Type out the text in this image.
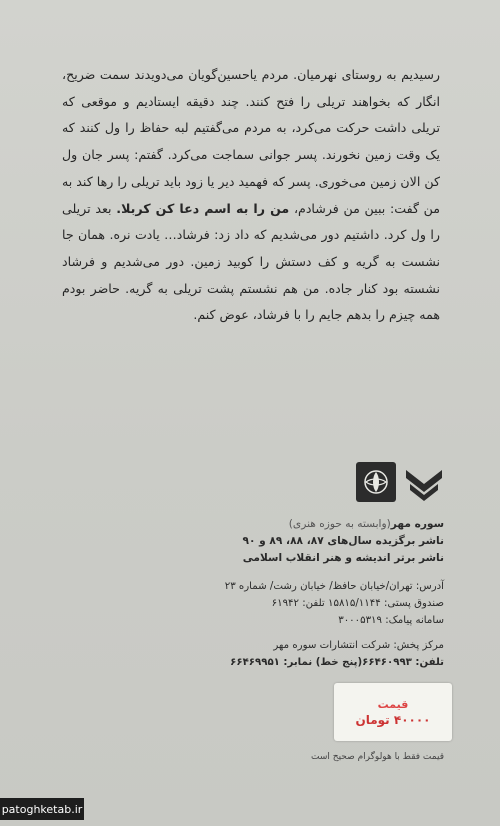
رسیدیم به روستای نهرمیان. مردم یاحسین‌گویان می‌دویدند سمت ضریح، انگار که بخواهند تریلی را فتح کنند. چند دقیقه ایستادیم و موقعی که تریلی داشت حرکت می‌کرد، به مردم می‌گفتیم لبه حفاظ را ول کنند که یک وقت زمین نخورند. پسر جوانی سماجت می‌کرد. گفتم: پسر جان ول کن الان زمین می‌خوری. پسر که فهمید دیر یا زود باید تریلی را رها کند به من گفت: ببین من فرشادم، من را به اسم دعا کن کربلا. بعد تریلی را ول کرد. داشتیم دور می‌شدیم که داد زد: فرشاد… یادت نره. همان جا نشست به گریه و کف دستش را کوبید زمین. دور می‌شدیم و فرشاد نشسته بود کنار جاده. من هم نشستم پشت تریلی به گریه. حاضر بودم همه چیزم را بدهم جایم را با فرشاد، عوض کنم.
سوره مهر(وابسته به حوزه هنری)
ناشر برگزیده سال‌های ۸۷، ۸۸، ۸۹ و ۹۰
ناشر برتر اندیشه و هنر انقلاب اسلامی
آدرس: تهران/خیابان حافظ/ خیابان رشت/ شماره ۲۳
صندوق پستی: ۱۵۸۱۵/۱۱۴۴ تلفن: ۶۱۹۴۲
سامانه پیامک: ۳۰۰۰۵۳۱۹
مرکز پخش: شرکت انتشارات سوره مهر
تلفن: ۶۶۴۶۰۹۹۳(پنج خط) نمابر: ۶۶۴۶۹۹۵۱
قیمت
۴۰۰۰۰ تومان
قیمت فقط با هولوگرام صحیح است
patoghketab.ir
